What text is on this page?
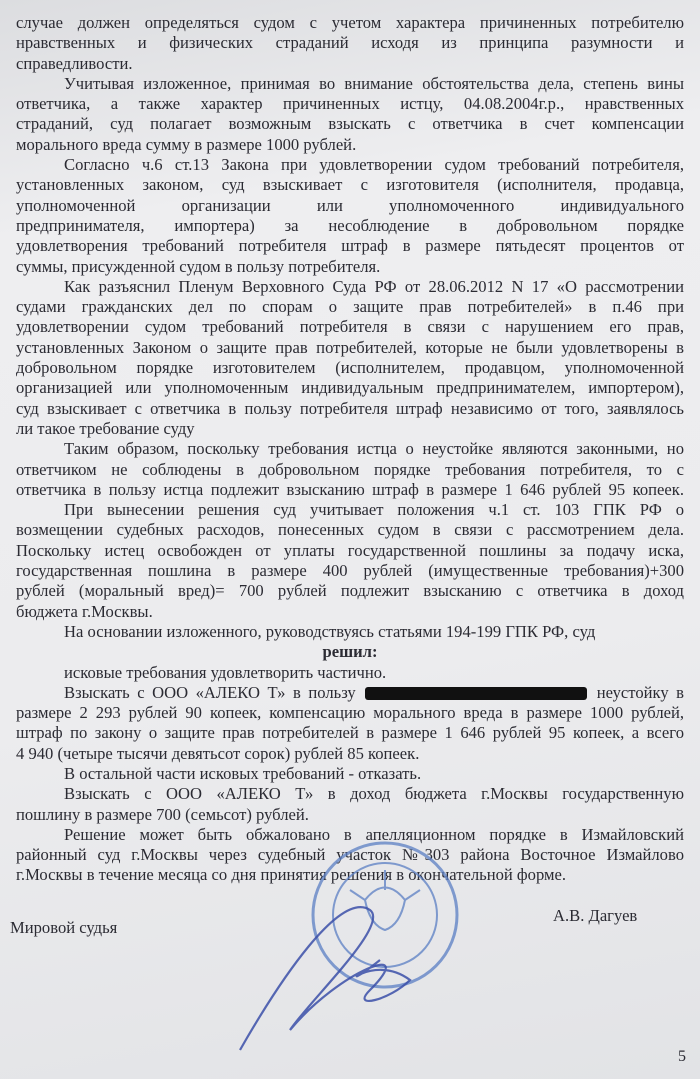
случае должен определяться судом с учетом характера причиненных потребителю
нравственных и физических страданий исходя из принципа разумности и
справедливости.
Учитывая изложенное, принимая во внимание обстоятельства дела, степень вины
ответчика, а также характер причиненных истцу, 04.08.2004г.р., нравственных
страданий, суд полагает возможным взыскать с ответчика в счет компенсации
морального вреда сумму в размере 1000 рублей.
Согласно ч.6 ст.13 Закона при удовлетворении судом требований потребителя,
установленных законом, суд взыскивает с изготовителя (исполнителя, продавца,
уполномоченной организации или уполномоченного индивидуального
предпринимателя, импортера) за несоблюдение в добровольном порядке
удовлетворения требований потребителя штраф в размере пятьдесят процентов от
суммы, присужденной судом в пользу потребителя.
Как разъяснил Пленум Верховного Суда РФ от 28.06.2012 N 17 «О рассмотрении
судами гражданских дел по спорам о защите прав потребителей» в п.46 при
удовлетворении судом требований потребителя в связи с нарушением его прав,
установленных Законом о защите прав потребителей, которые не были удовлетворены в
добровольном порядке изготовителем (исполнителем, продавцом, уполномоченной
организацией или уполномоченным индивидуальным предпринимателем, импортером),
суд взыскивает с ответчика в пользу потребителя штраф независимо от того, заявлялось
ли такое требование суду
Таким образом, поскольку требования истца о неустойке являются законными, но
ответчиком не соблюдены в добровольном порядке требования потребителя, то с
ответчика в пользу истца подлежит взысканию штраф в размере 1 646 рублей 95 копеек.
При вынесении решения суд учитывает положения ч.1 ст. 103 ГПК РФ о
возмещении судебных расходов, понесенных судом в связи с рассмотрением дела.
Поскольку истец освобожден от уплаты государственной пошлины за подачу иска,
государственная пошлина в размере 400 рублей (имущественные требования)+300
рублей (моральный вред)= 700 рублей подлежит взысканию с ответчика в доход
бюджета г.Москвы.
На основании изложенного, руководствуясь статьями 194-199 ГПК РФ, суд
решил:
исковые требования удовлетворить частично.
Взыскать с ООО «АЛЕКО Т» в пользу	неустойку в
размере 2 293 рублей 90 копеек, компенсацию морального вреда в размере 1000 рублей,
штраф по закону о защите прав потребителей в размере 1 646 рублей 95 копеек, а всего
4 940 (четыре тысячи девятьсот сорок) рублей 85 копеек.
В остальной части исковых требований - отказать.
Взыскать с ООО «АЛЕКО Т» в доход бюджета г.Москвы государственную
пошлину в размере 700 (семьсот) рублей.
Решение может быть обжаловано в апелляционном порядке в Измайловский
районный суд г.Москвы через судебный участок №303 района Восточное Измайлово
г.Москвы в течение месяца со дня принятия решения в окончательной форме.
Мировой судья
А.В. Дагуев
5
